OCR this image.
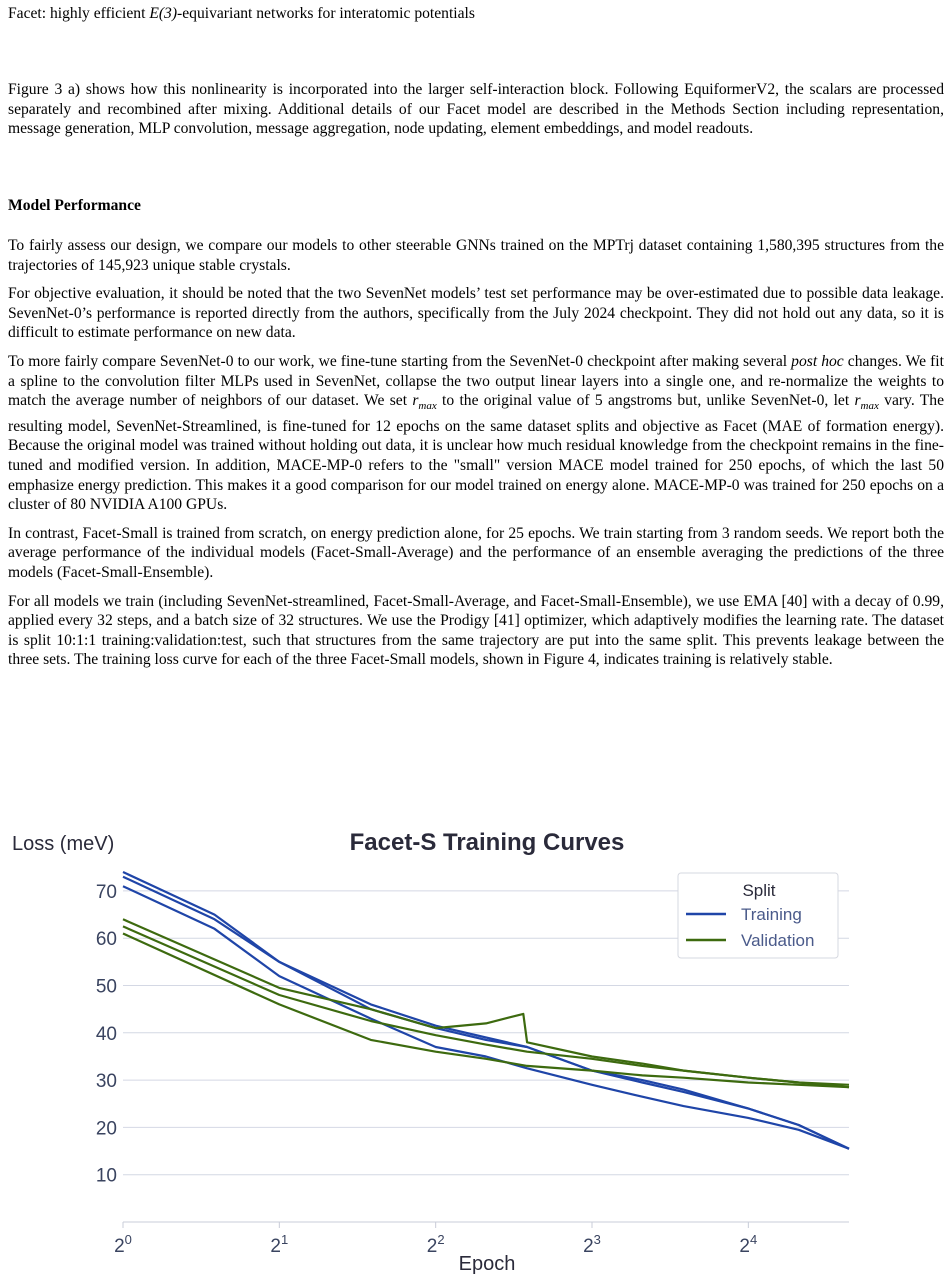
Facet: highly efficient E(3)-equivariant networks for interatomic potentials

Figure 3 a) shows how this nonlinearity is incorporated into the larger self-interaction block. Following EquiformerV2, the scalars are processed separately and recombined after mixing. Additional details of our Facet model are described in the Methods Section including representation, message generation, MLP convolution, message aggregation, node updating, element embeddings, and model readouts.

Model Performance

To fairly assess our design, we compare our models to other steerable GNNs trained on the MPTrj dataset containing 1,580,395 structures from the trajectories of 145,923 unique stable crystals.

For objective evaluation, it should be noted that the two SevenNet models’ test set performance may be over-estimated due to possible data leakage. SevenNet-0’s performance is reported directly from the authors, specifically from the July 2024 checkpoint. They did not hold out any data, so it is difficult to estimate performance on new data.

To more fairly compare SevenNet-0 to our work, we fine-tune starting from the SevenNet-0 checkpoint after making several post hoc changes. We fit a spline to the convolution filter MLPs used in SevenNet, collapse the two output linear layers into a single one, and re-normalize the weights to match the average number of neighbors of our dataset. We set $r_{max}$ to the original value of 5 angstroms but, unlike SevenNet-0, let $r_{max}$ vary. The resulting model, SevenNet-Streamlined, is fine-tuned for 12 epochs on the same dataset splits and objective as Facet (MAE of formation energy). Because the original model was trained without holding out data, it is unclear how much residual knowledge from the checkpoint remains in the fine-tuned and modified version. In addition, MACE-MP-0 refers to the "small" version MACE model trained for 250 epochs, of which the last 50 emphasize energy prediction. This makes it a good comparison for our model trained on energy alone. MACE-MP-0 was trained for 250 epochs on a cluster of 80 NVIDIA A100 GPUs.

In contrast, Facet-Small is trained from scratch, on energy prediction alone, for 25 epochs. We train starting from 3 random seeds. We report both the average performance of the individual models (Facet-Small-Average) and the performance of an ensemble averaging the predictions of the three models (Facet-Small-Ensemble).

For all models we train (including SevenNet-streamlined, Facet-Small-Average, and Facet-Small-Ensemble), we use EMA [40] with a decay of 0.99, applied every 32 steps, and a batch size of 32 structures. We use the Prodigy [41] optimizer, which adaptively modifies the learning rate. The dataset is split 10:1:1 training:validation:test, such that structures from the same trajectory are put into the same split. This prevents leakage between the three sets. The training loss curve for each of the three Facet-Small models, shown in Figure 4, indicates training is relatively stable.

10
20
30
40
50
60
70
$2^0$	$2^1$	$2^2$	$2^3$	$2^4$
Loss (meV)	Facet-S Training Curves
Epoch
Split
Training
Validation
